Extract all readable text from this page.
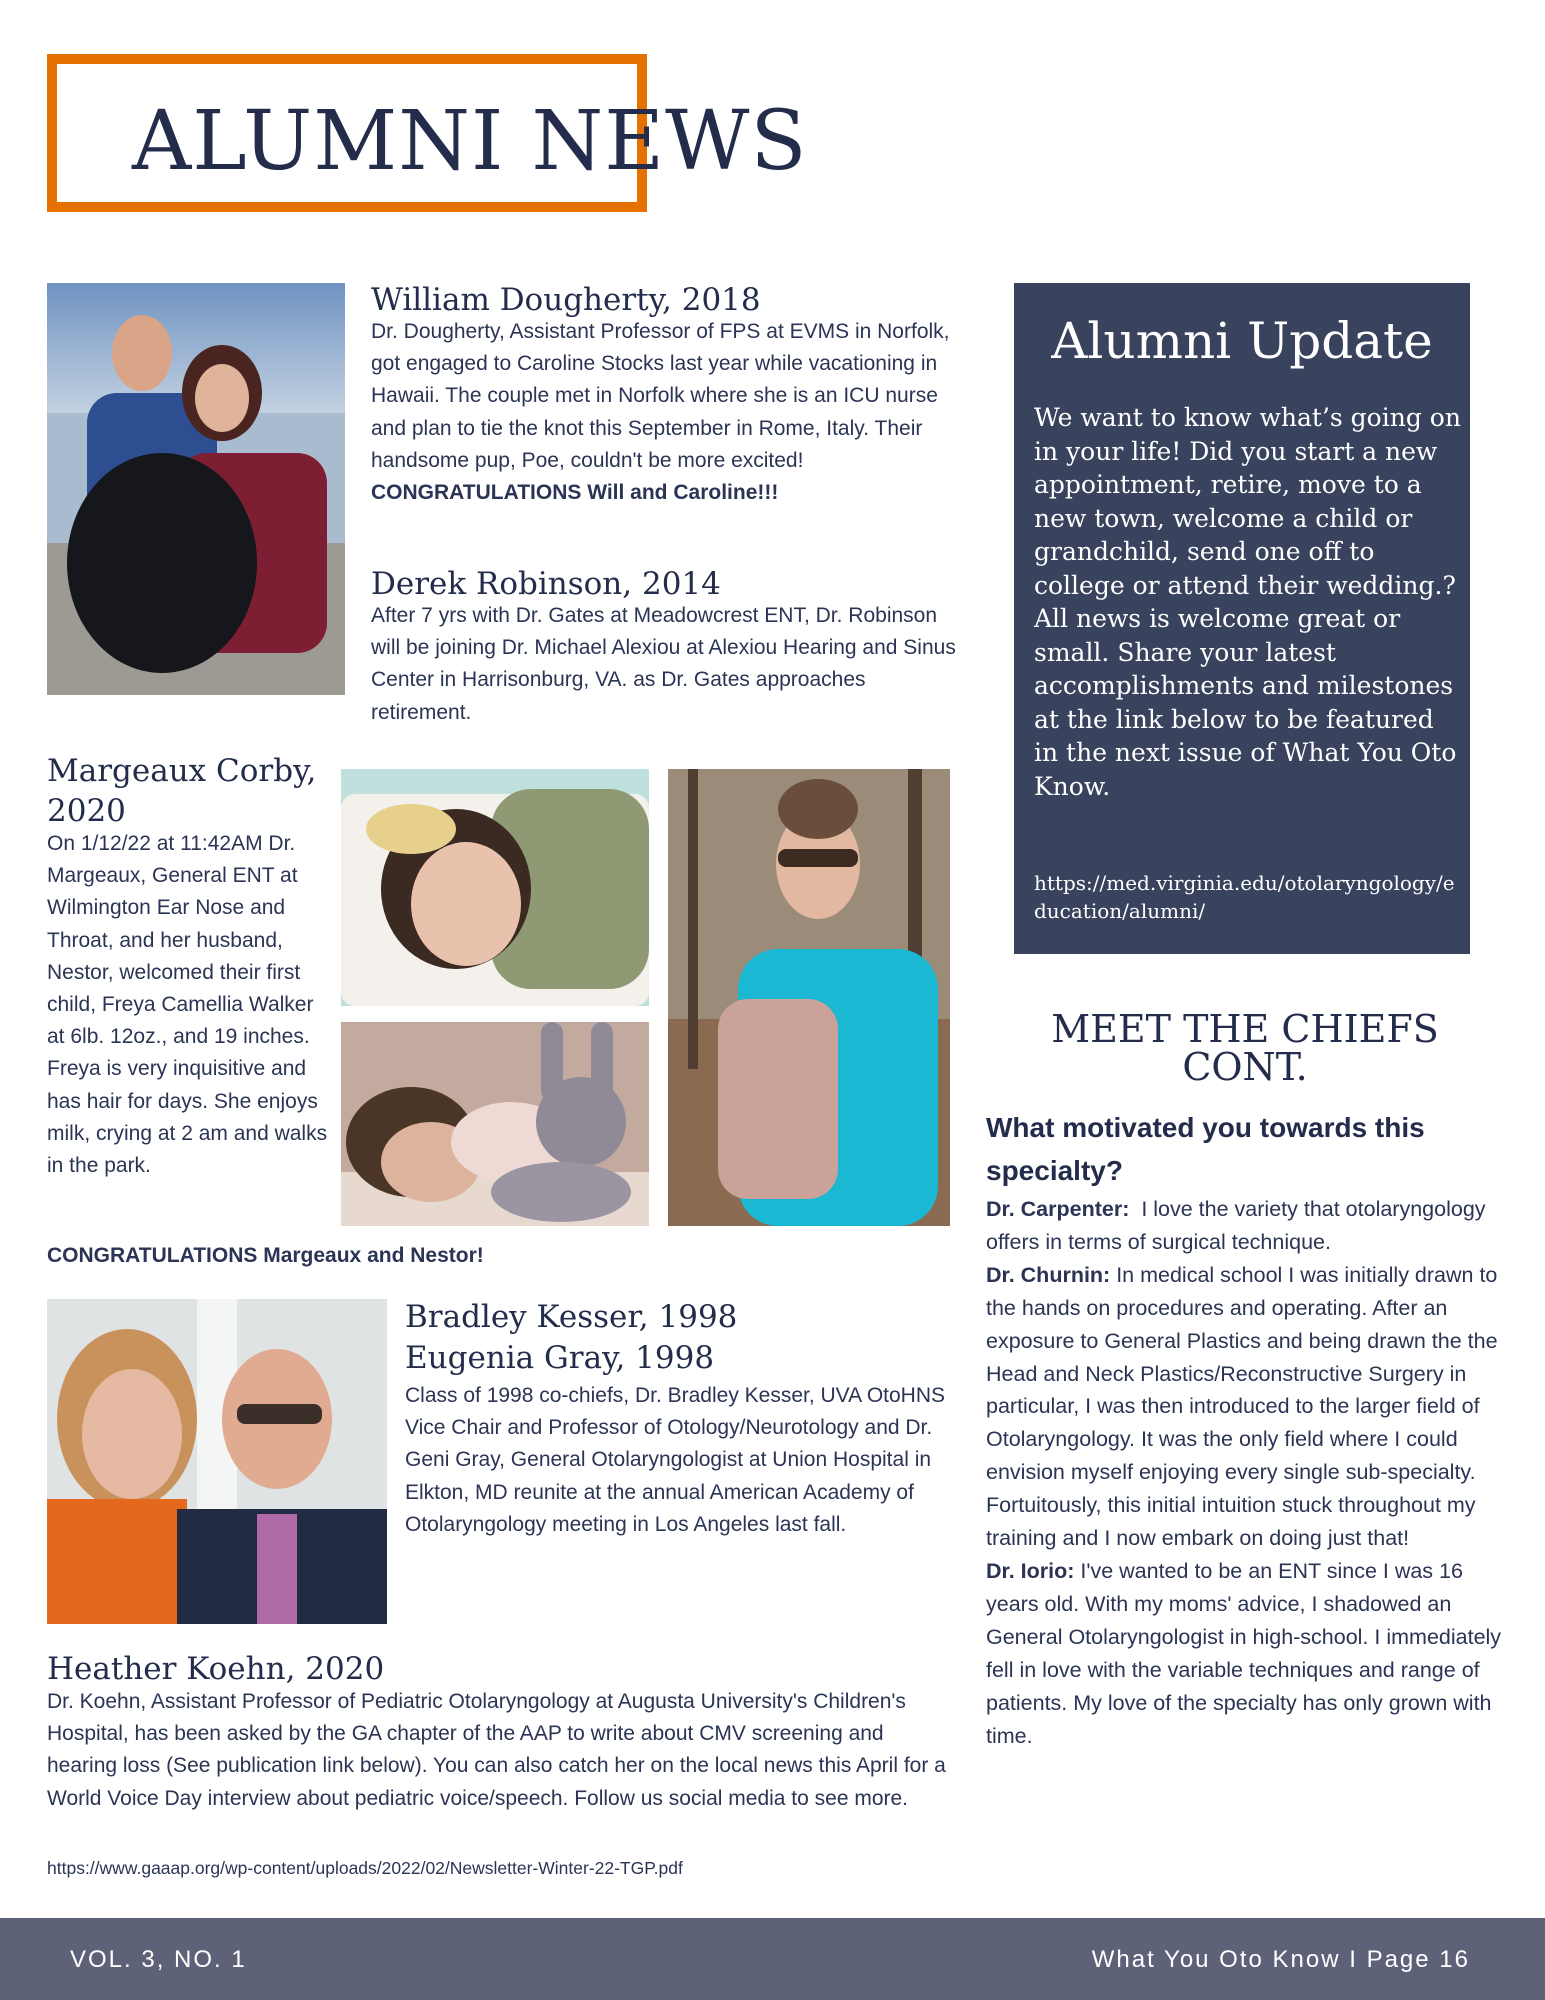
ALUMNI NEWS
William Dougherty, 2018
Dr. Dougherty, Assistant Professor of FPS at EVMS in Norfolk, got engaged to Caroline Stocks last year while vacationing in Hawaii. The couple met in Norfolk where she is an ICU nurse and plan to tie the knot this September in Rome, Italy. Their handsome pup, Poe, couldn't be more excited!
CONGRATULATIONS Will and Caroline!!!
Derek Robinson, 2014
After 7 yrs with Dr. Gates at Meadowcrest ENT, Dr. Robinson will be joining Dr. Michael Alexiou at Alexiou Hearing and Sinus Center in Harrisonburg, VA. as Dr. Gates approaches retirement.
Margeaux Corby,
2020
On 1/12/22 at 11:42AM Dr. Margeaux, General ENT at Wilmington Ear Nose and Throat, and her husband, Nestor, welcomed their first child, Freya Camellia Walker at 6lb. 12oz., and 19 inches. Freya is very inquisitive and has hair for days. She enjoys milk, crying at 2 am and walks in the park.
CONGRATULATIONS Margeaux and Nestor!
Bradley Kesser, 1998
Eugenia Gray, 1998
Class of 1998 co-chiefs, Dr. Bradley Kesser, UVA OtoHNS Vice Chair and Professor of Otology/Neurotology and Dr. Geni Gray, General Otolaryngologist at Union Hospital in Elkton, MD reunite at the annual American Academy of Otolaryngology meeting in Los Angeles last fall.
Heather Koehn, 2020
Dr. Koehn, Assistant Professor of Pediatric Otolaryngology at Augusta University's Children's Hospital, has been asked by the GA chapter of the AAP to write about CMV screening and hearing loss (See publication link below). You can also catch her on the local news this April for a World Voice Day interview about pediatric voice/speech. Follow us social media to see more.
https://www.gaaap.org/wp-content/uploads/2022/02/Newsletter-Winter-22-TGP.pdf
Alumni Update
We want to know what’s going on in your life! Did you start a new appointment, retire, move to a new town, welcome a child or grandchild, send one off to college or attend their wedding.? All news is welcome great or small. Share your latest accomplishments and milestones at the link below to be featured in the next issue of What You Oto Know.
https://med.virginia.edu/otolaryngology/education/alumni/
MEET THE CHIEFS CONT.
What motivated you towards this specialty?
Dr. Carpenter:  I love the variety that otolaryngology offers in terms of surgical technique.
Dr. Churnin: In medical school I was initially drawn to the hands on procedures and operating. After an exposure to General Plastics and being drawn the the Head and Neck Plastics/Reconstructive Surgery in particular, I was then introduced to the larger field of Otolaryngology. It was the only field where I could envision myself enjoying every single sub-specialty. Fortuitously, this initial intuition stuck throughout my training and I now embark on doing just that!
Dr. Iorio: I've wanted to be an ENT since I was 16 years old. With my moms' advice, I shadowed an General Otolaryngologist in high-school. I immediately fell in love with the variable techniques and range of patients. My love of the specialty has only grown with time.
VOL. 3, NO. 1	What You Oto Know I Page 16
